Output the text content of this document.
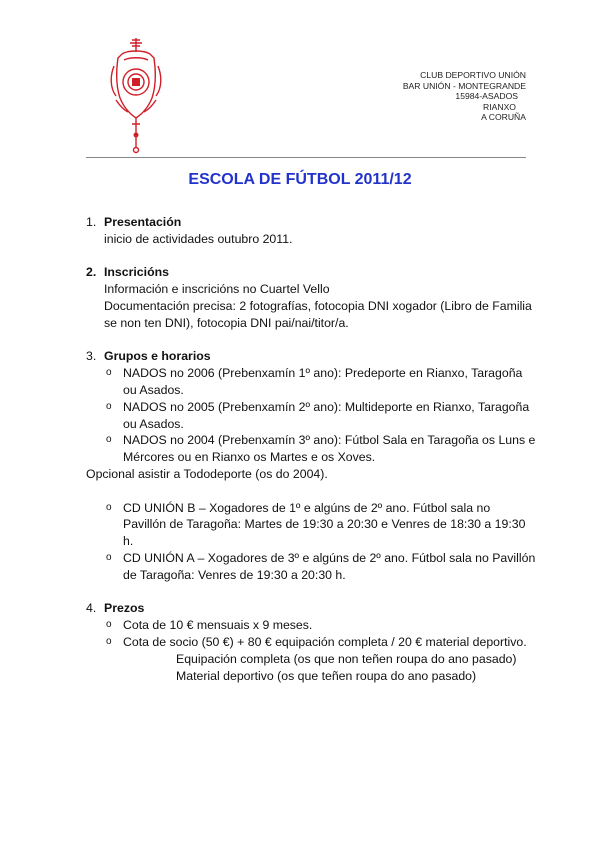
CLUB DEPORTIVO UNIÓN
BAR UNIÓN - MONTEGRANDE
15984-ASADOS
RIANXO
A CORUÑA
ESCOLA DE FÚTBOL 2011/12
1. Presentación
inicio de actividades outubro 2011.
2. Inscricións
Información e inscricións no Cuartel Vello
Documentación precisa: 2 fotografías, fotocopia DNI xogador (Libro de Familia se non ten DNI), fotocopia DNI pai/nai/titor/a.
3. Grupos e horarios
o NADOS no 2006 (Prebenxamín 1º ano): Predeporte en Rianxo, Taragoña ou Asados.
o NADOS no 2005 (Prebenxamín 2º ano): Multideporte en Rianxo, Taragoña ou Asados.
o NADOS no 2004 (Prebenxamín 3º ano): Fútbol Sala en Taragoña os Luns e Mércores ou en Rianxo os Martes e os Xoves.
Opcional asistir a Tododeporte (os do 2004).
o CD UNIÓN B – Xogadores de 1º e algúns de 2º ano. Fútbol sala no Pavillón de Taragoña: Martes de 19:30 a 20:30 e Venres de 18:30 a 19:30 h.
o CD UNIÓN A – Xogadores de 3º e algúns de 2º ano. Fútbol sala no Pavillón de Taragoña: Venres de 19:30 a 20:30 h.
4. Prezos
o Cota de 10 € mensuais x 9 meses.
o Cota de socio (50 €) + 80 € equipación completa / 20 € material deportivo.
Equipación completa (os que non teñen roupa do ano pasado)
Material deportivo (os que teñen roupa do ano pasado)
